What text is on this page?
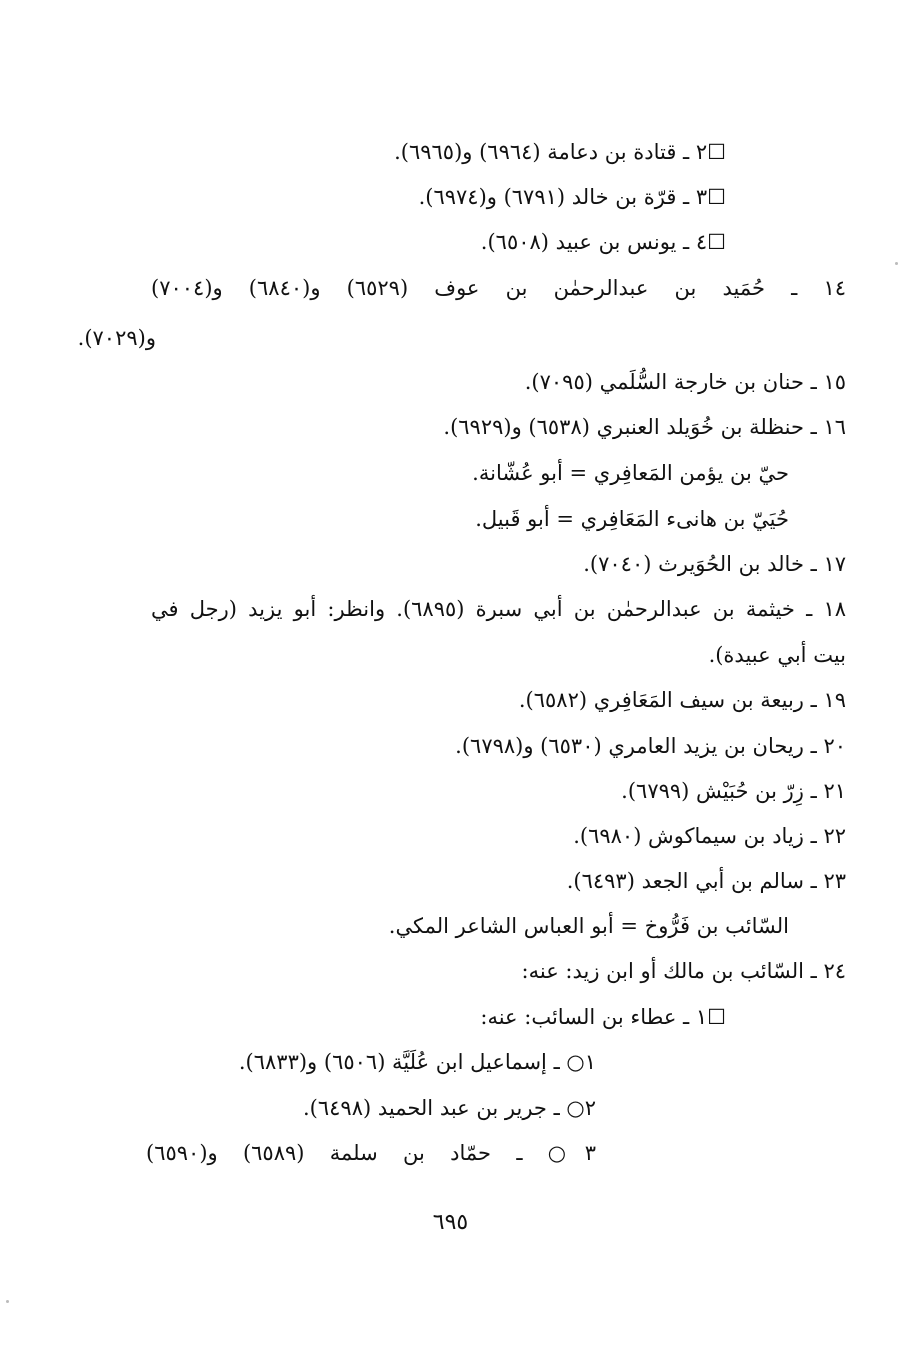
☐٢ ـ قتادة بن دعامة (٦٩٦٤) و(٦٩٦٥).
☐٣ ـ قرّة بن خالد (٦٧٩١) و(٦٩٧٤).
☐٤ ـ يونس بن عبيد (٦٥٠٨).
١٤ ـ حُمَيد بن عبدالرحمٰن بن عوف (٦٥٢٩) و(٦٨٤٠) و(٧٠٠٤)
و(٧٠٢٩).
١٥ ـ حنان بن خارجة السُّلَمي (٧٠٩٥).
١٦ ـ حنظلة بن خُوَيلد العنبري (٦٥٣٨) و(٦٩٢٩).
حيّ بن يؤمن المَعافِري = أبو عُشّانة.
حُيَيّ بن هانىء المَعَافِري = أبو قَبيل.
١٧ ـ خالد بن الحُوَيرث (٧٠٤٠).
١٨ ـ خيثمة بن عبدالرحمٰن بن أبي سبرة (٦٨٩٥). وانظر: أبو يزيد (رجل في
بيت أبي عبيدة).
١٩ ـ ربيعة بن سيف المَعَافِري (٦٥٨٢).
٢٠ ـ ريحان بن يزيد العامري (٦٥٣٠) و(٦٧٩٨).
٢١ ـ زِرّ بن حُبَيْش (٦٧٩٩).
٢٢ ـ زياد بن سيماكوش (٦٩٨٠).
٢٣ ـ سالم بن أبي الجعد (٦٤٩٣).
السّائب بن فَرُّوخ = أبو العباس الشاعر المكي.
٢٤ ـ السّائب بن مالك أو ابن زيد: عنه:
☐١ ـ عطاء بن السائب: عنه:
١○ ـ إسماعيل ابن عُلَيَّة (٦٥٠٦) و(٦٨٣٣).
٢○ ـ جرير بن عبد الحميد (٦٤٩٨).
٣○ ـ حمّاد بن سلمة (٦٥٨٩) و(٦٥٩٠)
٦٩٥
